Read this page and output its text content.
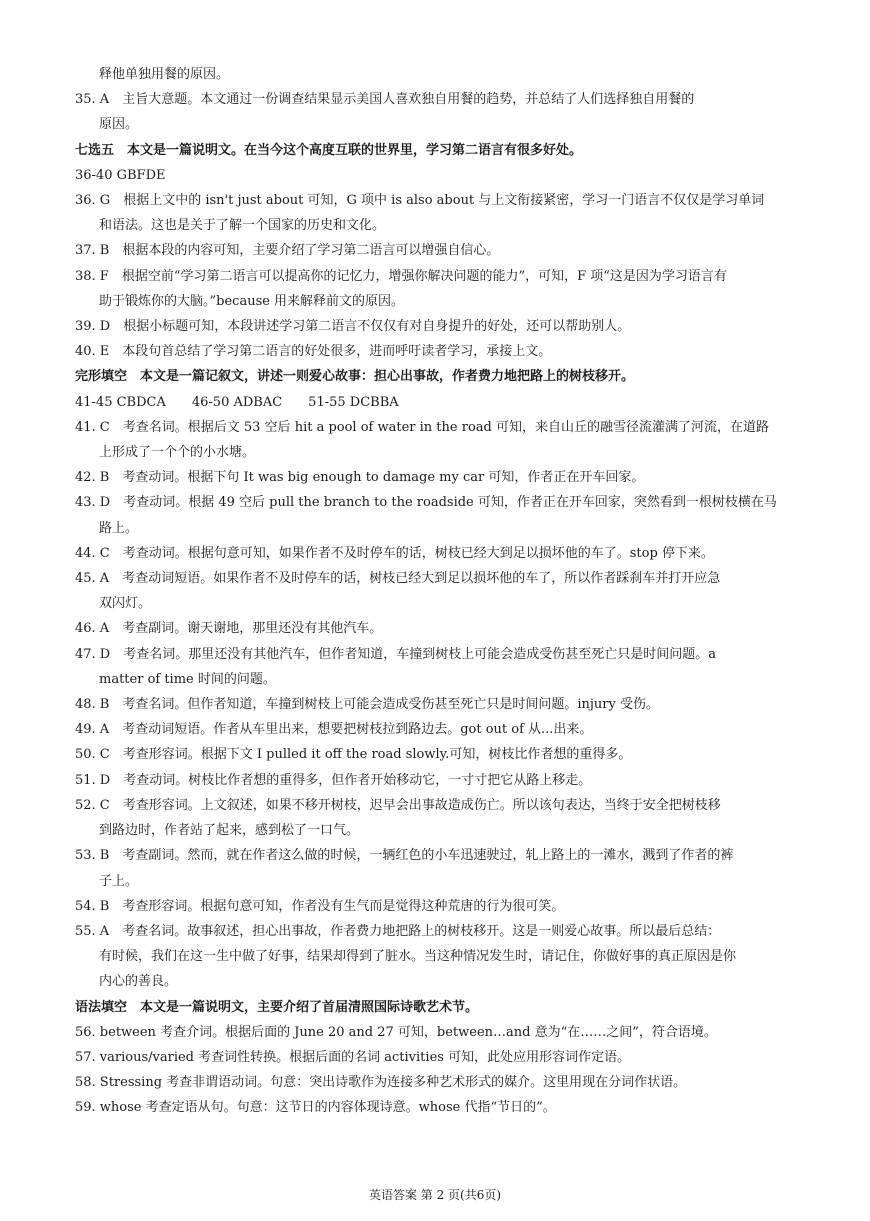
释他单独用餐的原因。
35. A　主旨大意题。本文通过一份调查结果显示美国人喜欢独自用餐的趋势，并总结了人们选择独自用餐的
原因。
七选五　本文是一篇说明文。在当今这个高度互联的世界里，学习第二语言有很多好处。
36-40 GBFDE
36. G　根据上文中的 isn't just about 可知，G 项中 is also about 与上文衔接紧密，学习一门语言不仅仅是学习单词
和语法。这也是关于了解一个国家的历史和文化。
37. B　根据本段的内容可知，主要介绍了学习第二语言可以增强自信心。
38. F　根据空前“学习第二语言可以提高你的记忆力，增强你解决问题的能力”，可知，F 项“这是因为学习语言有
助于锻炼你的大脑。”because 用来解释前文的原因。
39. D　根据小标题可知，本段讲述学习第二语言不仅仅有对自身提升的好处，还可以帮助别人。
40. E　本段句首总结了学习第二语言的好处很多，进而呼吁读者学习，承接上文。
完形填空　本文是一篇记叙文，讲述一则爱心故事：担心出事故，作者费力地把路上的树枝移开。
41-45 CBDCA　　46-50 ADBAC　　51-55 DCBBA
41. C　考查名词。根据后文 53 空后 hit a pool of water in the road 可知，来自山丘的融雪径流灌满了河流，在道路
上形成了一个个的小水塘。
42. B　考查动词。根据下句 It was big enough to damage my car 可知，作者正在开车回家。
43. D　考查动词。根据 49 空后 pull the branch to the roadside 可知，作者正在开车回家，突然看到一根树枝横在马
路上。
44. C　考查动词。根据句意可知，如果作者不及时停车的话，树枝已经大到足以损坏他的车了。stop 停下来。
45. A　考查动词短语。如果作者不及时停车的话，树枝已经大到足以损坏他的车了，所以作者踩刹车并打开应急
双闪灯。
46. A　考查副词。谢天谢地，那里还没有其他汽车。
47. D　考查名词。那里还没有其他汽车，但作者知道，车撞到树枝上可能会造成受伤甚至死亡只是时间问题。a
matter of time 时间的问题。
48. B　考查名词。但作者知道，车撞到树枝上可能会造成受伤甚至死亡只是时间问题。injury 受伤。
49. A　考查动词短语。作者从车里出来，想要把树枝拉到路边去。got out of 从...出来。
50. C　考查形容词。根据下文 I pulled it off the road slowly.可知，树枝比作者想的重得多。
51. D　考查动词。树枝比作者想的重得多，但作者开始移动它，一寸寸把它从路上移走。
52. C　考查形容词。上文叙述，如果不移开树枝，迟早会出事故造成伤亡。所以该句表达，当终于安全把树枝移
到路边时，作者站了起来，感到松了一口气。
53. B　考查副词。然而，就在作者这么做的时候，一辆红色的小车迅速驶过，轧上路上的一滩水，溅到了作者的裤
子上。
54. B　考查形容词。根据句意可知，作者没有生气而是觉得这种荒唐的行为很可笑。
55. A　考查名词。故事叙述，担心出事故，作者费力地把路上的树枝移开。这是一则爱心故事。所以最后总结：
有时候，我们在这一生中做了好事，结果却得到了脏水。当这种情况发生时，请记住，你做好事的真正原因是你
内心的善良。
语法填空　本文是一篇说明文，主要介绍了首届清照国际诗歌艺术节。
56. between 考查介词。根据后面的 June 20 and 27 可知，between…and 意为“在……之间”，符合语境。
57. various/varied 考查词性转换。根据后面的名词 activities 可知，此处应用形容词作定语。
58. Stressing 考查非谓语动词。句意：突出诗歌作为连接多种艺术形式的媒介。这里用现在分词作状语。
59. whose 考查定语从句。句意：这节日的内容体现诗意。whose 代指“节日的”。
英语答案 第 2 页(共6页)
